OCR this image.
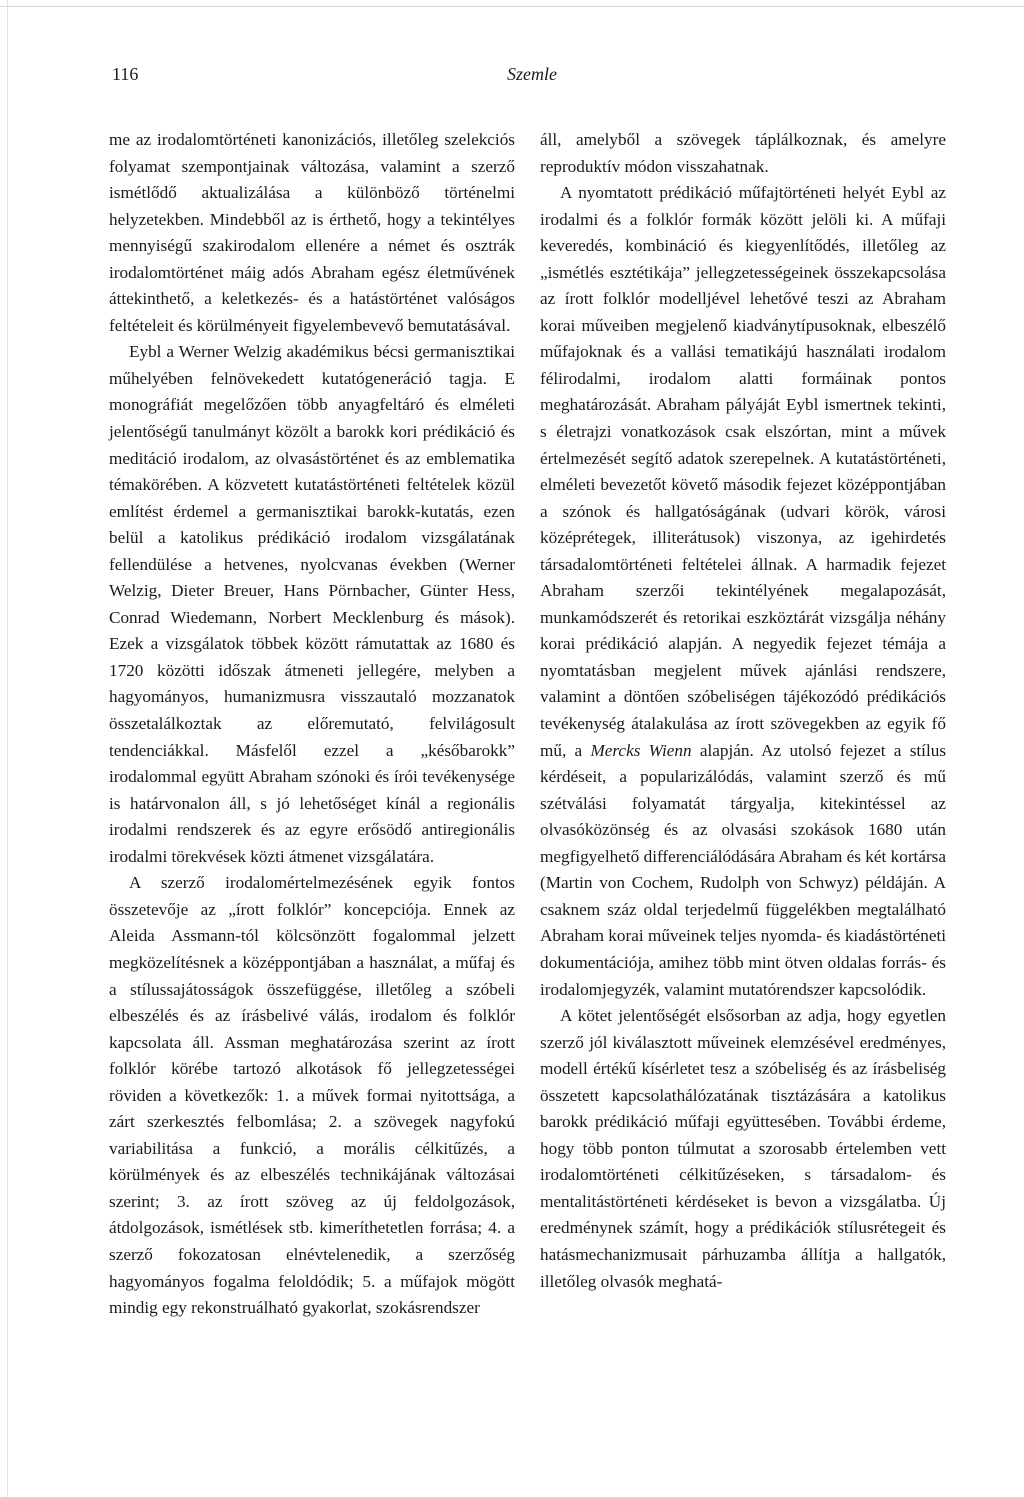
116	Szemle

me az irodalomtörténeti kanonizációs, illetőleg szelekciós folyamat szempontjainak változása, valamint a szerző ismétlődő aktualizálása a különböző történelmi helyzetekben. Mindebből az is érthető, hogy a tekintélyes mennyiségű szakirodalom ellenére a német és osztrák irodalomtörténet máig adós Abraham egész életművének áttekinthető, a keletkezés- és a hatástörténet valóságos feltételeit és körülményeit figyelembevevő bemutatásával.

Eybl a Werner Welzig akadémikus bécsi germanisztikai műhelyében felnövekedett kutatógeneráció tagja. E monográfiát megelőzően több anyagfeltáró és elméleti jelentőségű tanulmányt közölt a barokk kori prédikáció és meditáció irodalom, az olvasástörténet és az emblematika témakörében. A közvetett kutatástörténeti feltételek közül említést érdemel a germanisztikai barokk-kutatás, ezen belül a katolikus prédikáció irodalom vizsgálatának fellendülése a hetvenes, nyolcvanas években (Werner Welzig, Dieter Breuer, Hans Pörnbacher, Günter Hess, Conrad Wiedemann, Norbert Mecklenburg és mások). Ezek a vizsgálatok többek között rámutattak az 1680 és 1720 közötti időszak átmeneti jellegére, melyben a hagyományos, humanizmusra visszautaló mozzanatok összetalálkoztak az előremutató, felvilágosult tendenciákkal. Másfelől ezzel a „későbarokk” irodalommal együtt Abraham szónoki és írói tevékenysége is határvonalon áll, s jó lehetőséget kínál a regionális irodalmi rendszerek és az egyre erősödő antiregionális irodalmi törekvések közti átmenet vizsgálatára.

A szerző irodalomértelmezésének egyik fontos összetevője az „írott folklór” koncepciója. Ennek az Aleida Assmann-tól kölcsönzött fogalommal jelzett megközelítésnek a középpontjában a használat, a műfaj és a stílussajátosságok összefüggése, illetőleg a szóbeli elbeszélés és az írásbelivé válás, irodalom és folklór kapcsolata áll. Assman meghatározása szerint az írott folklór körébe tartozó alkotások fő jellegzetességei röviden a következők: 1. a művek formai nyitottsága, a zárt szerkesztés felbomlása; 2. a szövegek nagyfokú variabilitása a funkció, a morális célkitűzés, a körülmények és az elbeszélés technikájának változásai szerint; 3. az írott szöveg az új feldolgozások, átdolgozások, ismétlések stb. kimeríthetetlen forrása; 4. a szerző fokozatosan elnévtelenedik, a szerzőség hagyományos fogalma feloldódik; 5. a műfajok mögött mindig egy rekonstruálható gyakorlat, szokásrendszer

áll, amelyből a szövegek táplálkoznak, és amelyre reproduktív módon visszahatnak.

A nyomtatott prédikáció műfajtörténeti helyét Eybl az irodalmi és a folklór formák között jelöli ki. A műfaji keveredés, kombináció és kiegyenlítődés, illetőleg az „ismétlés esztétikája” jellegzetességeinek összekapcsolása az írott folklór modelljével lehetővé teszi az Abraham korai műveiben megjelenő kiadványtípusoknak, elbeszélő műfajoknak és a vallási tematikájú használati irodalom félirodalmi, irodalom alatti formáinak pontos meghatározását. Abraham pályáját Eybl ismertnek tekinti, s életrajzi vonatkozások csak elszórtan, mint a művek értelmezését segítő adatok szerepelnek. A kutatástörténeti, elméleti bevezetőt követő második fejezet középpontjában a szónok és hallgatóságának (udvari körök, városi középrétegek, illiterátusok) viszonya, az igehirdetés társadalomtörténeti feltételei állnak. A harmadik fejezet Abraham szerzői tekintélyének megalapozását, munkamódszerét és retorikai eszköztárát vizsgálja néhány korai prédikáció alapján. A negyedik fejezet témája a nyomtatásban megjelent művek ajánlási rendszere, valamint a döntően szóbeliségen tájékozódó prédikációs tevékenység átalakulása az írott szövegekben az egyik fő mű, a Mercks Wienn alapján. Az utolsó fejezet a stílus kérdéseit, a popularizálódás, valamint szerző és mű szétválási folyamatát tárgyalja, kitekintéssel az olvasóközönség és az olvasási szokások 1680 után megfigyelhető differenciálódására Abraham és két kortársa (Martin von Cochem, Rudolph von Schwyz) példáján. A csaknem száz oldal terjedelmű függelékben megtalálható Abraham korai műveinek teljes nyomda- és kiadástörténeti dokumentációja, amihez több mint ötven oldalas forrás- és irodalomjegyzék, valamint mutatórendszer kapcsolódik.

A kötet jelentőségét elsősorban az adja, hogy egyetlen szerző jól kiválasztott műveinek elemzésével eredményes, modell értékű kísérletet tesz a szóbeliség és az írásbeliség összetett kapcsolathálózatának tisztázására a katolikus barokk prédikáció műfaji együttesében. További érdeme, hogy több ponton túlmutat a szorosabb értelemben vett irodalomtörténeti célkitűzéseken, s társadalom- és mentalitástörténeti kérdéseket is bevon a vizsgálatba. Új eredménynek számít, hogy a prédikációk stílusrétegeit és hatásmechanizmusait párhuzamba állítja a hallgatók, illetőleg olvasók meghatá-
